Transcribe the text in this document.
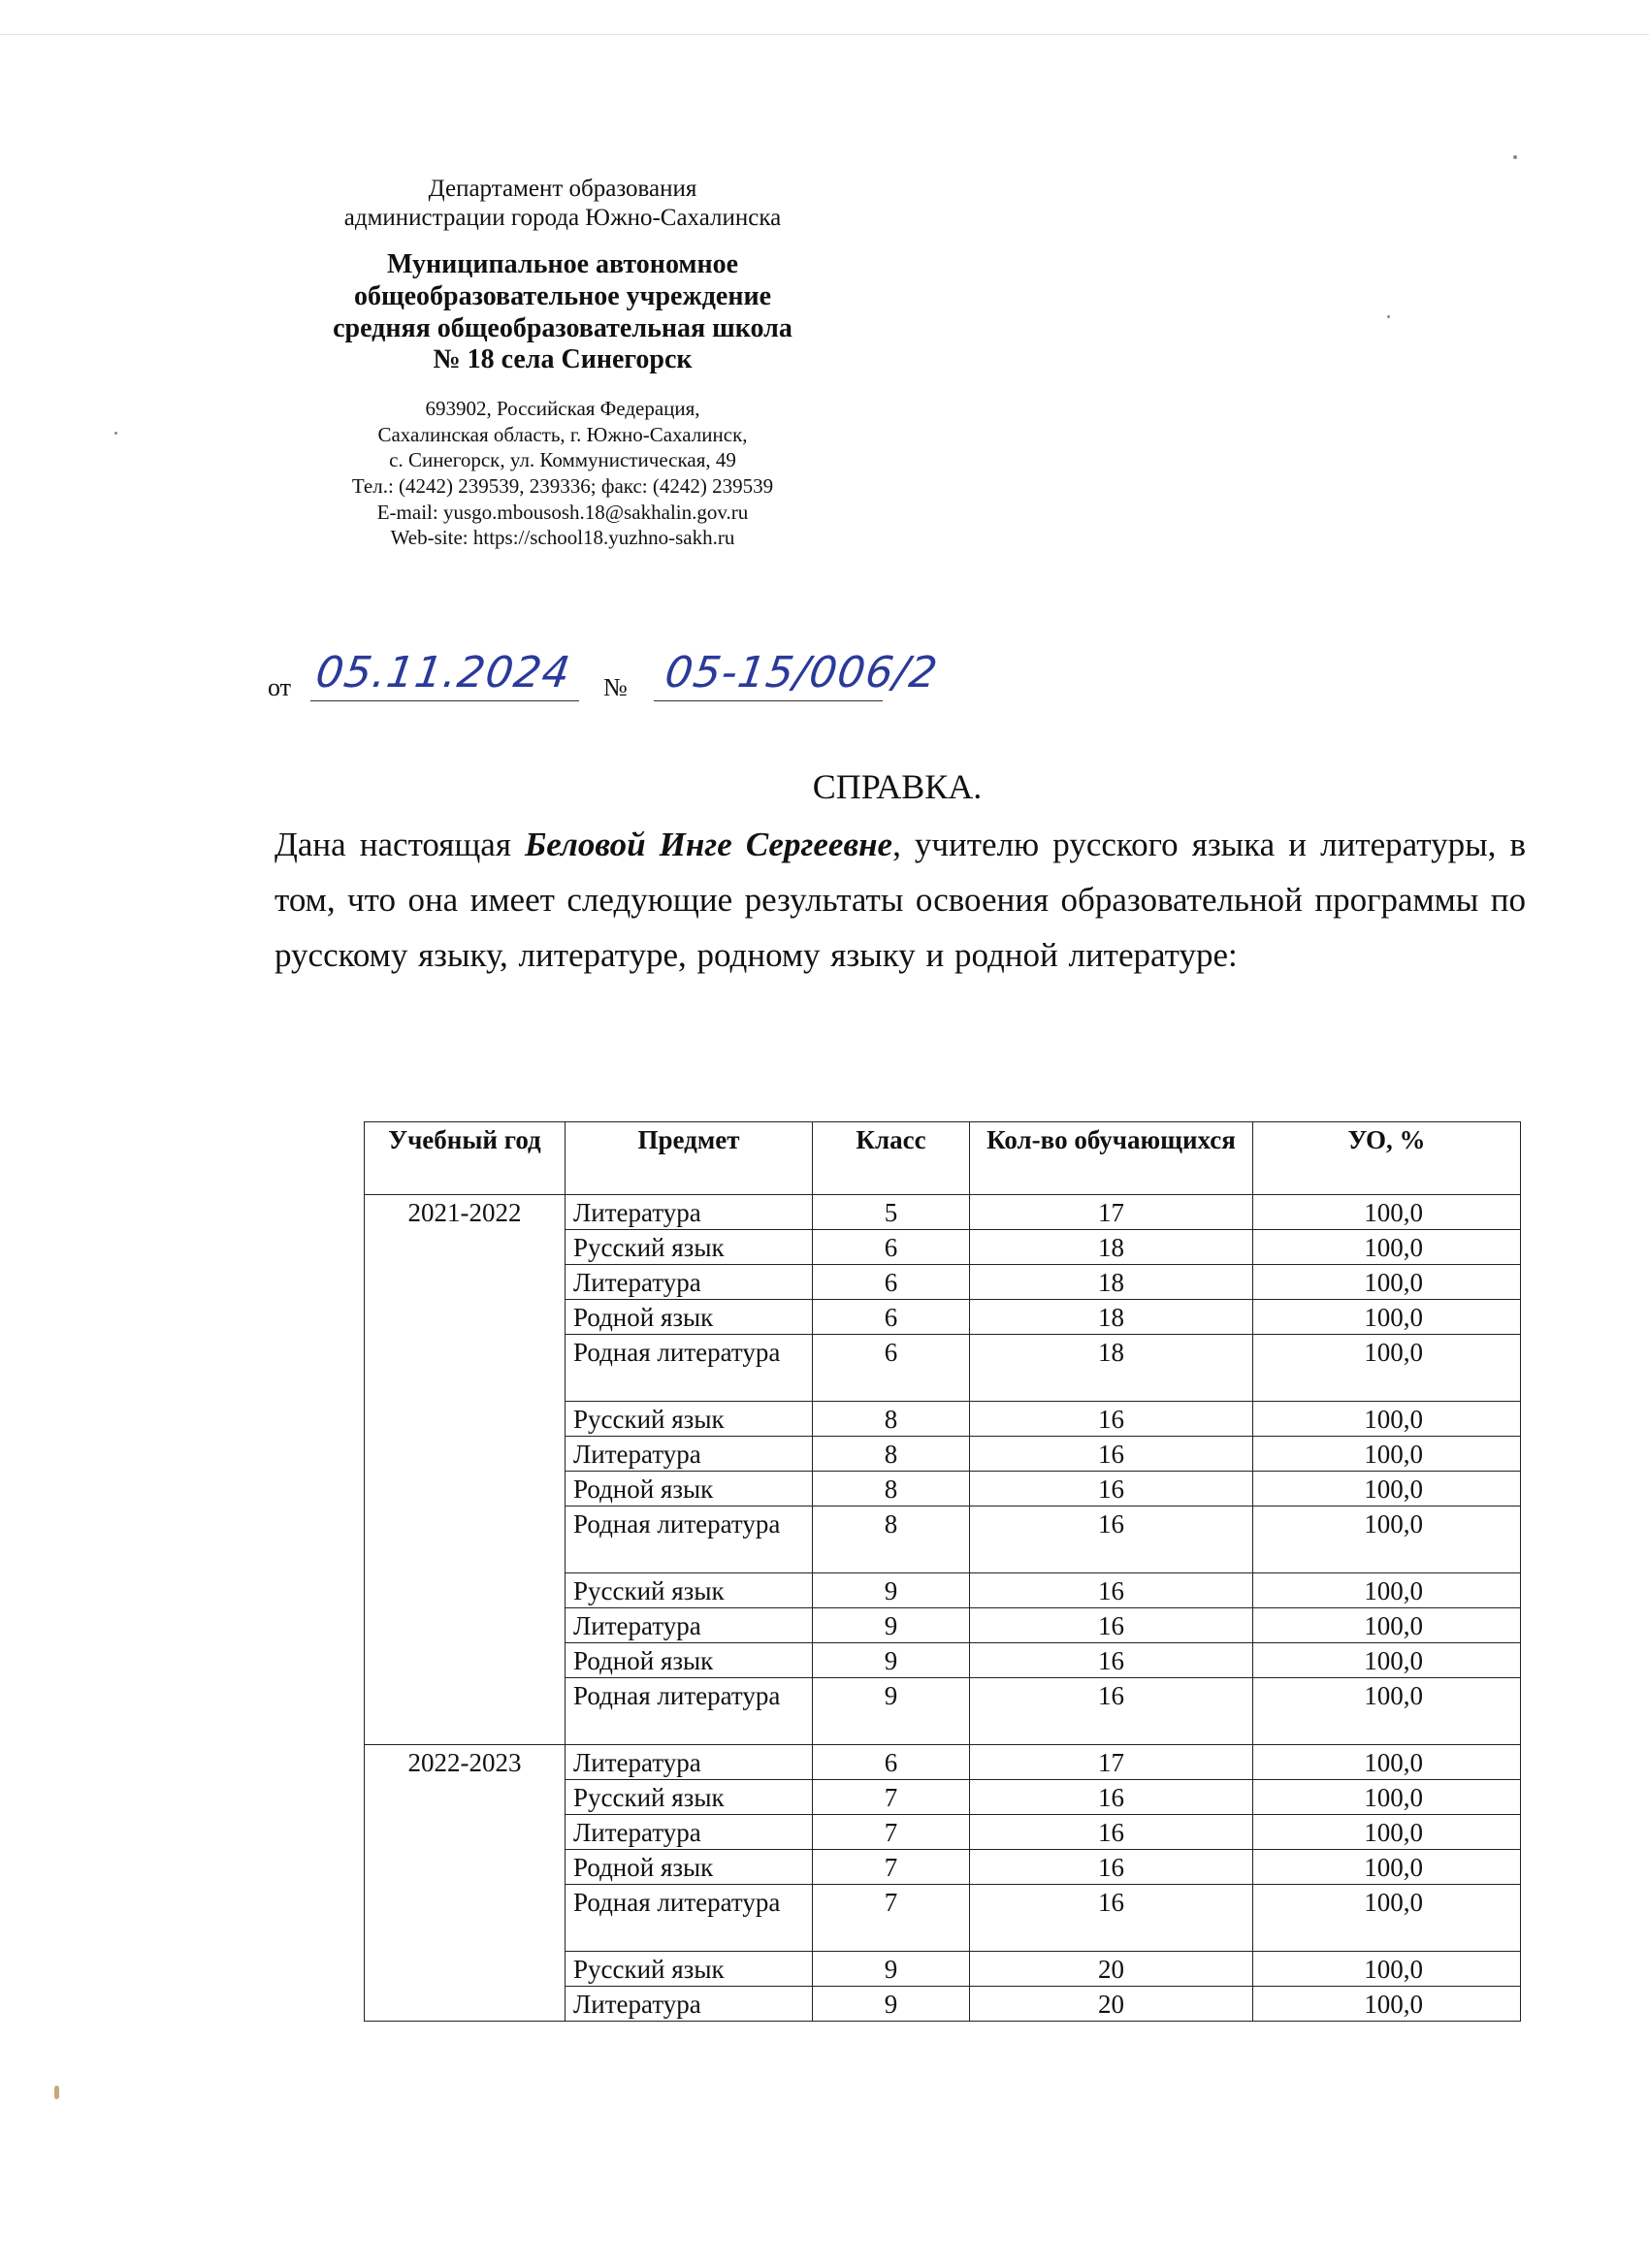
Департамент образования
администрации города Южно-Сахалинска
Муниципальное автономное
общеобразовательное учреждение
средняя общеобразовательная школа
№ 18 села Синегорск
693902, Российская Федерация,
Сахалинская область, г. Южно-Сахалинск,
с. Синегорск, ул. Коммунистическая, 49
Тел.: (4242) 239539, 239336; факс: (4242) 239539
E-mail: yusgo.mbousosh.18@sakhalin.gov.ru
Web-site: https://school18.yuzhno-sakh.ru
от 05.11.2024 № 05-15/006/2
СПРАВКА.
Дана настоящая Беловой Инге Сергеевне, учителю русского языка и литературы, в том, что она имеет следующие результаты освоения образовательной программы по русскому языку, литературе, родному языку и родной литературе:
Учебный год	Предмет	Класс	Кол-во обучающихся	УО, %
2021-2022	Литература	5	17	100,0
	Русский язык	6	18	100,0
	Литература	6	18	100,0
	Родной язык	6	18	100,0
	Родная литература	6	18	100,0
	Русский язык	8	16	100,0
	Литература	8	16	100,0
	Родной язык	8	16	100,0
	Родная литература	8	16	100,0
	Русский язык	9	16	100,0
	Литература	9	16	100,0
	Родной язык	9	16	100,0
	Родная литература	9	16	100,0
2022-2023	Литература	6	17	100,0
	Русский язык	7	16	100,0
	Литература	7	16	100,0
	Родной язык	7	16	100,0
	Родная литература	7	16	100,0
	Русский язык	9	20	100,0
	Литература	9	20	100,0
